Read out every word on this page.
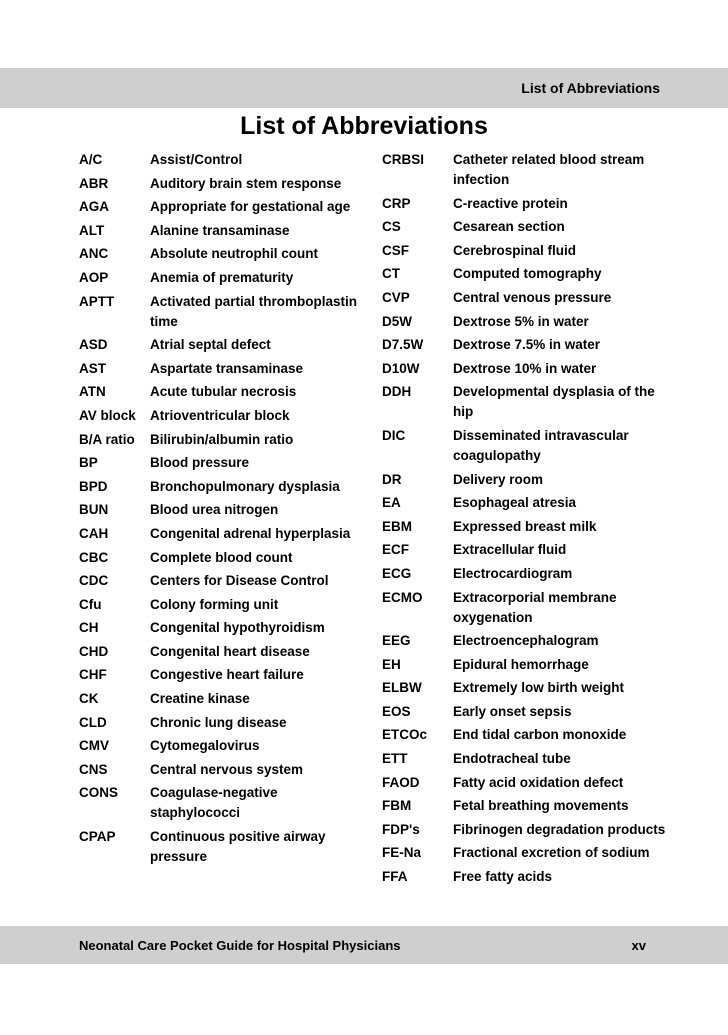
List of Abbreviations
List of Abbreviations
A/C	Assist/Control
ABR	Auditory brain stem response
AGA	Appropriate for gestational age
ALT	Alanine transaminase
ANC	Absolute neutrophil count
AOP	Anemia of prematurity
APTT	Activated partial thromboplastin time
ASD	Atrial septal defect
AST	Aspartate transaminase
ATN	Acute tubular necrosis
AV block	Atrioventricular block
B/A ratio	Bilirubin/albumin ratio
BP	Blood pressure
BPD	Bronchopulmonary dysplasia
BUN	Blood urea nitrogen
CAH	Congenital adrenal hyperplasia
CBC	Complete blood count
CDC	Centers for Disease Control
Cfu	Colony forming unit
CH	Congenital hypothyroidism
CHD	Congenital heart disease
CHF	Congestive heart failure
CK	Creatine kinase
CLD	Chronic lung disease
CMV	Cytomegalovirus
CNS	Central nervous system
CONS	Coagulase-negative staphylococci
CPAP	Continuous positive airway pressure
CRBSI	Catheter related blood stream infection
CRP	C-reactive protein
CS	Cesarean section
CSF	Cerebrospinal fluid
CT	Computed tomography
CVP	Central venous pressure
D5W	Dextrose 5% in water
D7.5W	Dextrose 7.5% in water
D10W	Dextrose 10% in water
DDH	Developmental dysplasia of the hip
DIC	Disseminated intravascular coagulopathy
DR	Delivery room
EA	Esophageal atresia
EBM	Expressed breast milk
ECF	Extracellular fluid
ECG	Electrocardiogram
ECMO	Extracorporial membrane oxygenation
EEG	Electroencephalogram
EH	Epidural hemorrhage
ELBW	Extremely low birth weight
EOS	Early onset sepsis
ETCOc	End tidal carbon monoxide
ETT	Endotracheal tube
FAOD	Fatty acid oxidation defect
FBM	Fetal breathing movements
FDP's	Fibrinogen degradation products
FE-Na	Fractional excretion of sodium
FFA	Free fatty acids
Neonatal Care Pocket Guide for Hospital Physicians	xv
